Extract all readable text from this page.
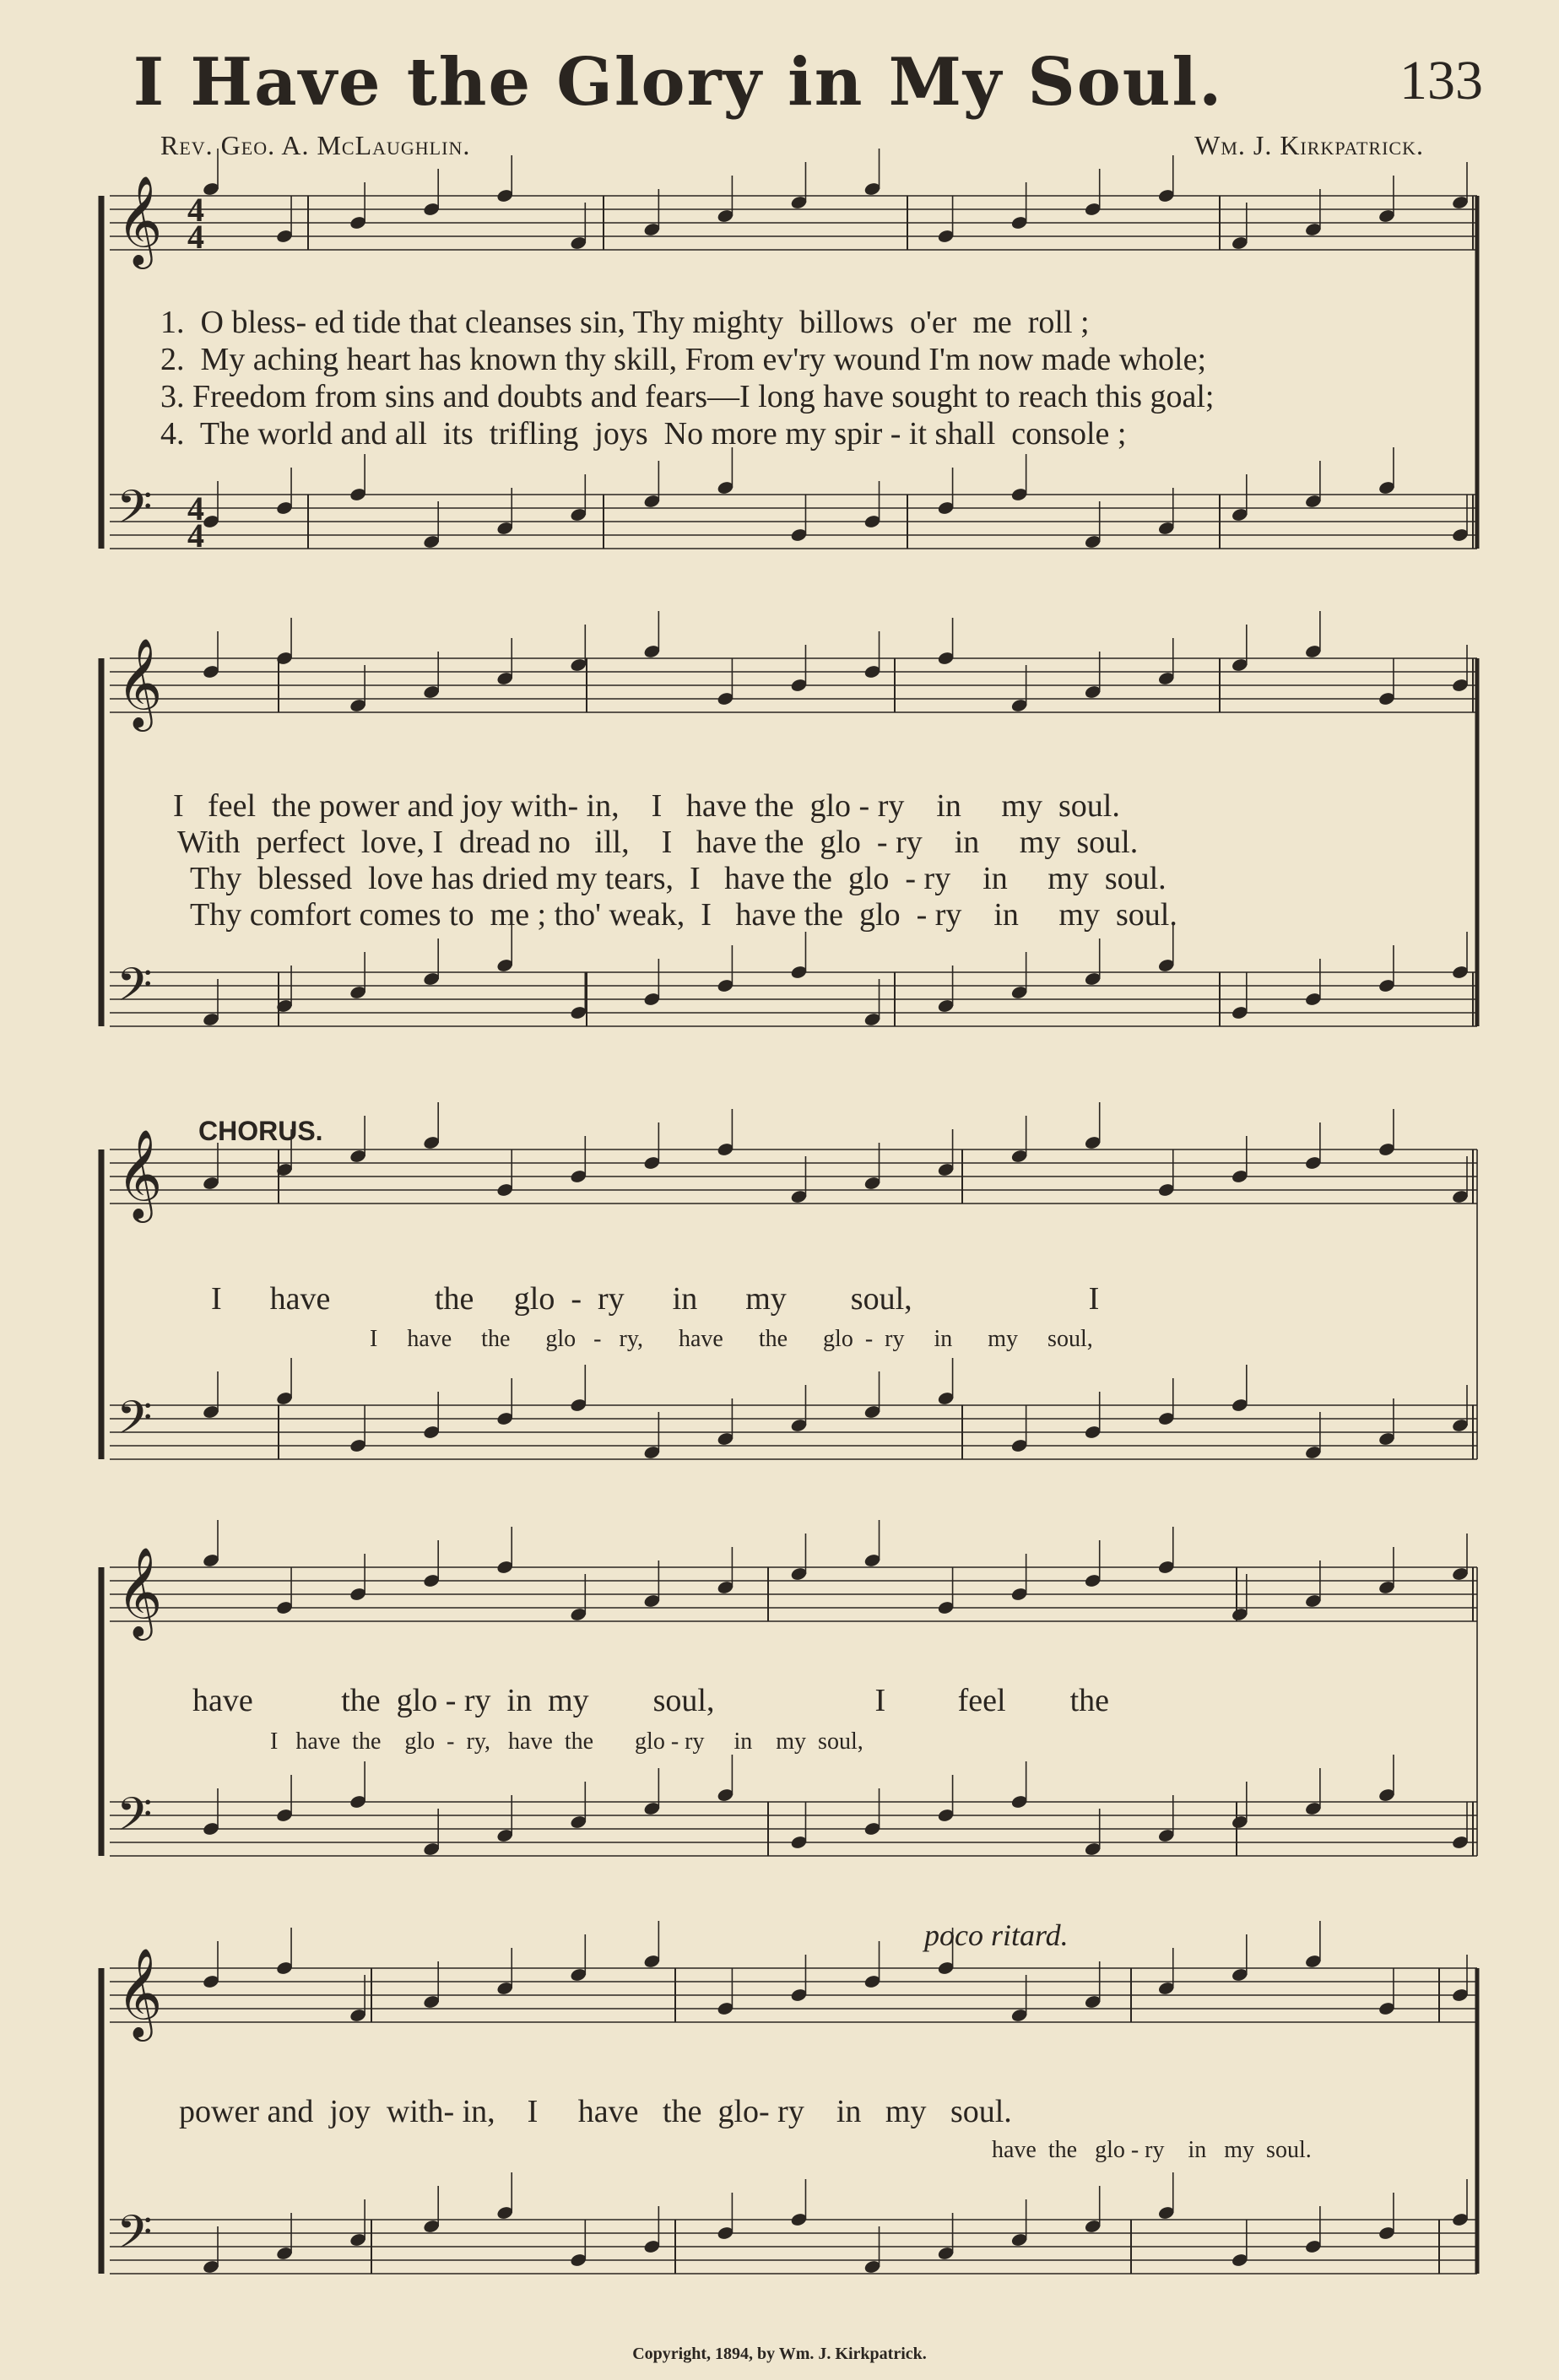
I Have the Glory in My Soul.	133
Rev. Geo. A. McLaughlin.	Wm. J. Kirkpatrick.
𝄞
𝄢
𝄞
𝄢
𝄞
𝄢
𝄞
𝄢
𝄞
𝄢
4
4
4
4
1.  O bless- ed tide that cleanses sin, Thy mighty  billows  o'er  me  roll ;
2.  My aching heart has known thy skill, From ev'ry wound I'm now made whole;
3. Freedom from sins and doubts and fears—I long have sought to reach this goal;
4.  The world and all  its  trifling  joys  No more my spir - it shall  console ;
I   feel  the power and joy with- in,    I   have the  glo - ry    in     my  soul.
With  perfect  love, I  dread no   ill,    I   have the  glo  - ry    in     my  soul.
Thy  blessed  love has dried my tears,  I   have the  glo  - ry    in     my  soul.
Thy comfort comes to  me ; tho' weak,  I   have the  glo  - ry    in     my  soul.
CHORUS.
I      have             the     glo  -  ry      in      my        soul,                      I
I     have     the      glo   -   ry,      have      the      glo  -  ry     in      my     soul,
have           the  glo - ry  in  my        soul,                    I         feel        the
I   have  the    glo  -  ry,   have  the       glo - ry     in    my  soul,
poco ritard.
power and  joy  with- in,    I     have   the  glo- ry    in   my   soul.
have  the   glo - ry    in   my  soul.
Copyright, 1894, by Wm. J. Kirkpatrick.
